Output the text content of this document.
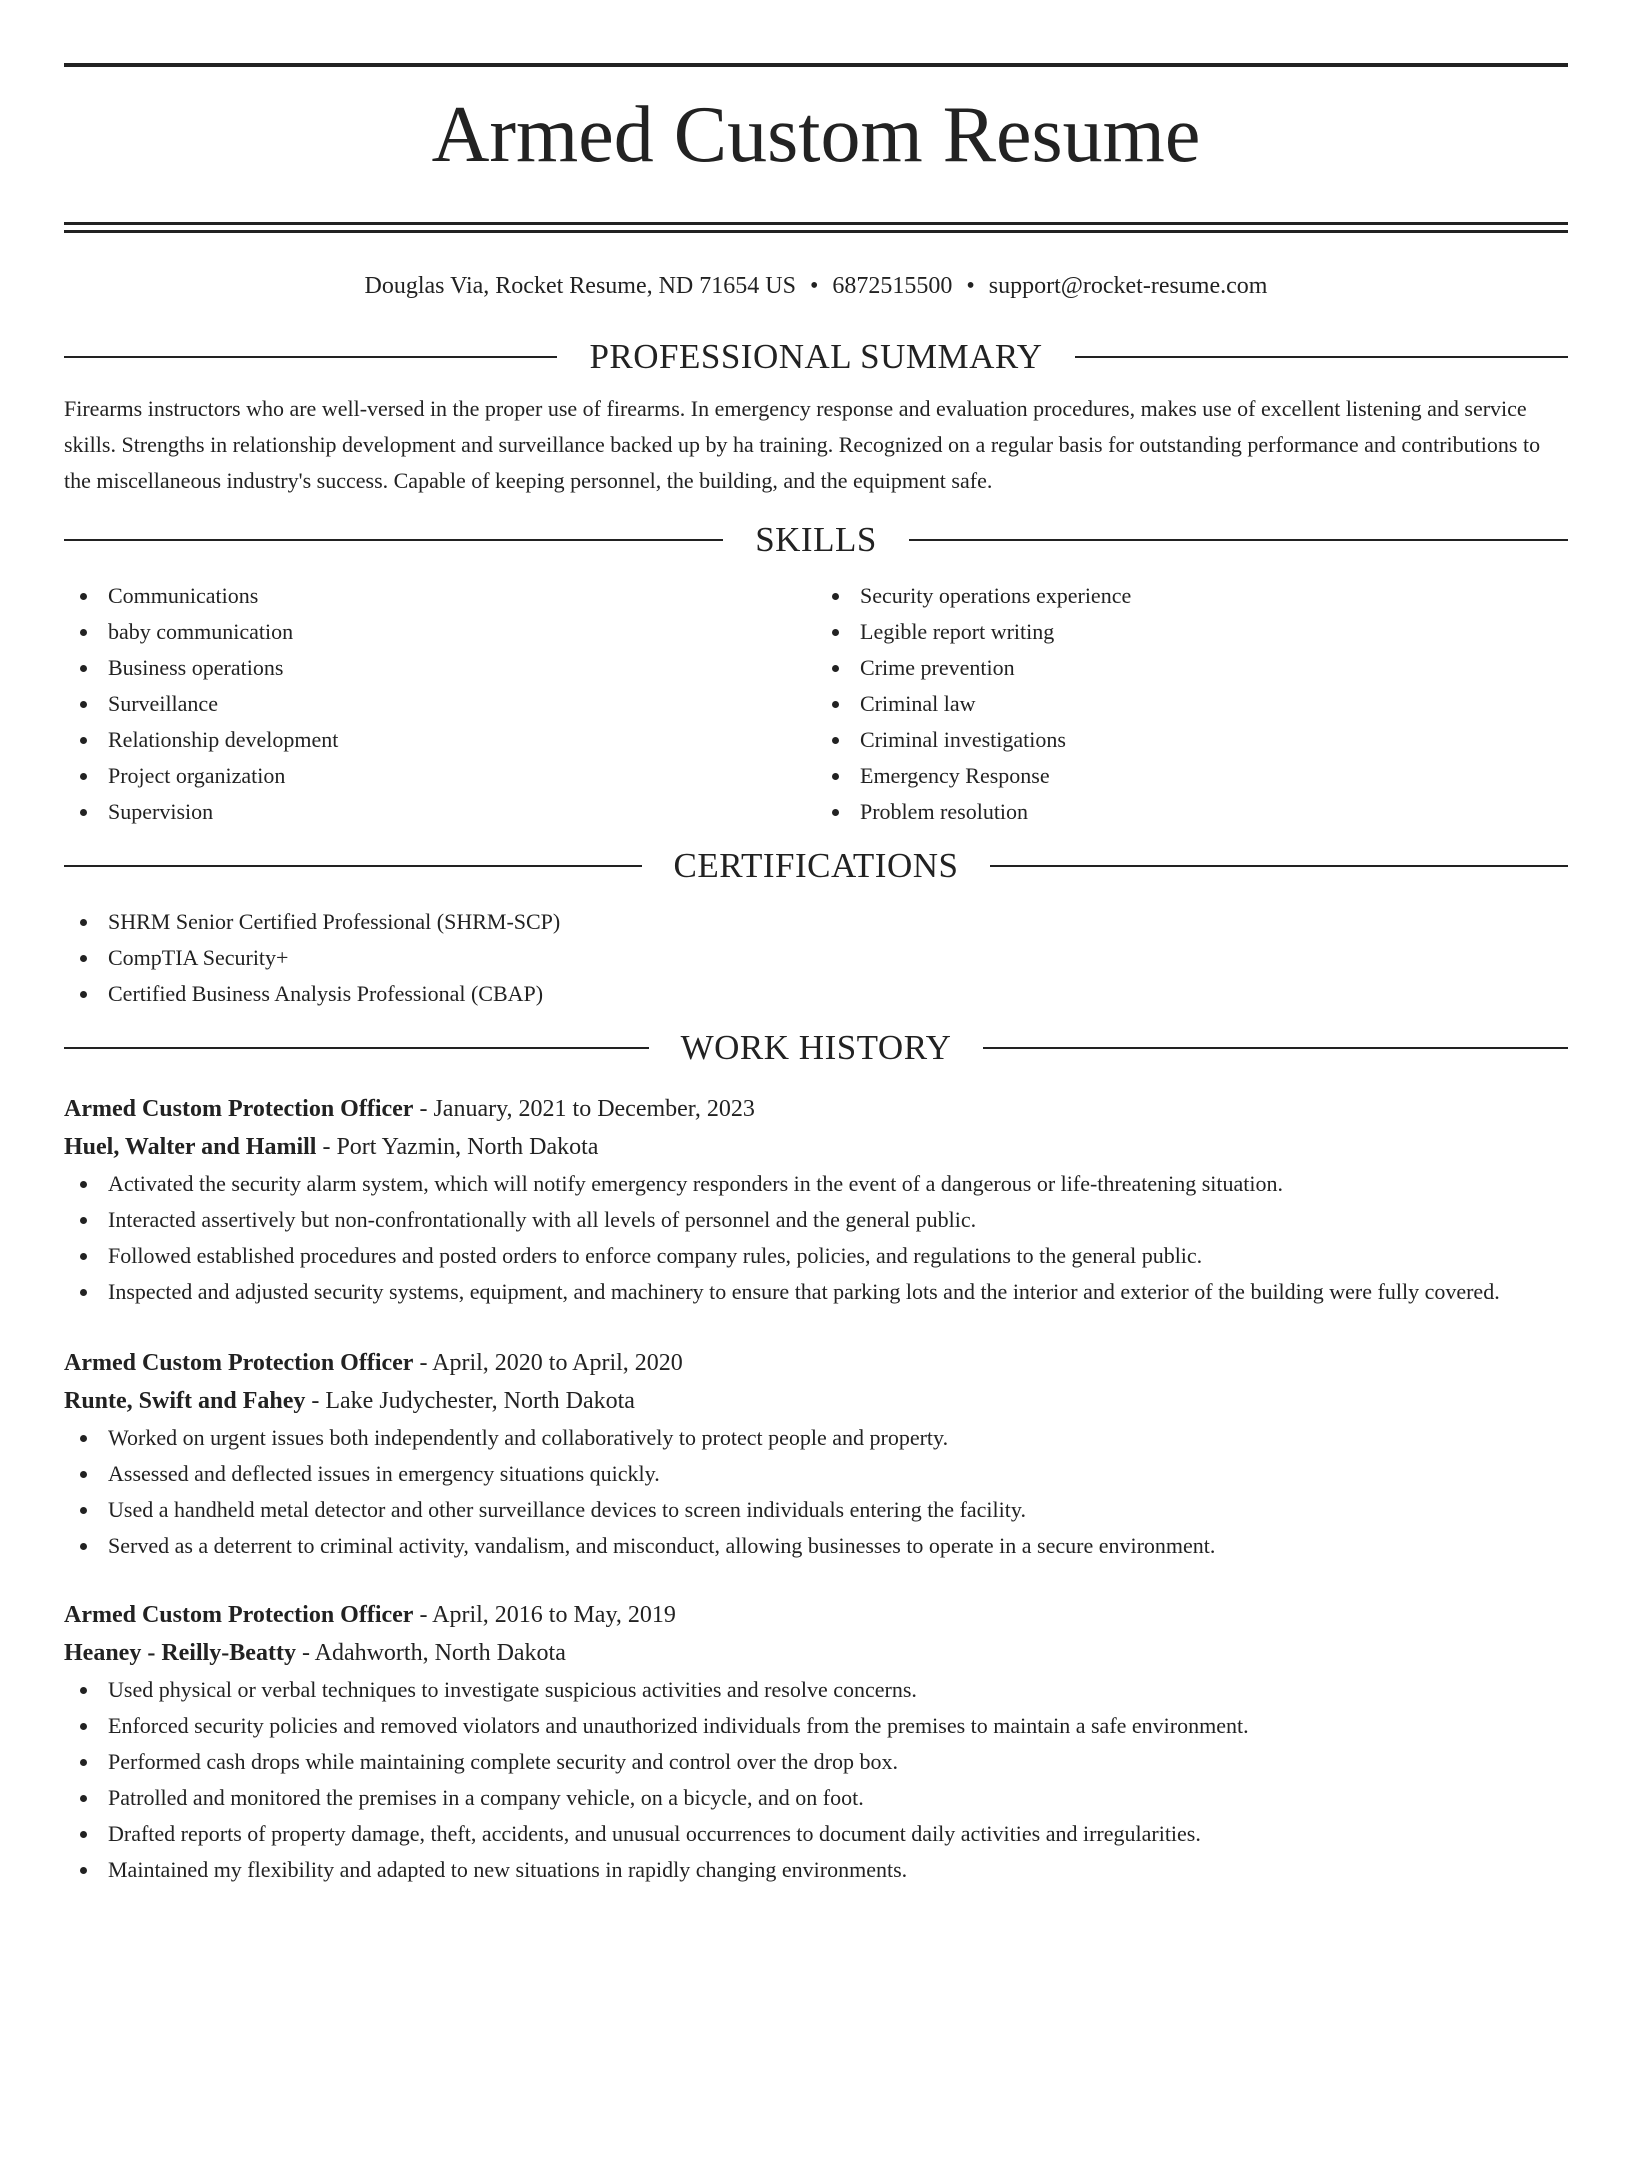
Armed Custom Resume
Douglas Via, Rocket Resume, ND 71654 US • 6872515500 • support@rocket-resume.com
PROFESSIONAL SUMMARY

Firearms instructors who are well-versed in the proper use of firearms. In emergency response and evaluation procedures, makes use of excellent listening and service skills. Strengths in relationship development and surveillance backed up by ha training. Recognized on a regular basis for outstanding performance and contributions to the miscellaneous industry's success. Capable of keeping personnel, the building, and the equipment safe.

SKILLS
Communications
baby communication
Business operations
Surveillance
Relationship development
Project organization
Supervision
Security operations experience
Legible report writing
Crime prevention
Criminal law
Criminal investigations
Emergency Response
Problem resolution
CERTIFICATIONS
SHRM Senior Certified Professional (SHRM-SCP)
CompTIA Security+
Certified Business Analysis Professional (CBAP)
WORK HISTORY
Armed Custom Protection Officer - January, 2021 to December, 2023
Huel, Walter and Hamill - Port Yazmin, North Dakota
Activated the security alarm system, which will notify emergency responders in the event of a dangerous or life-threatening situation.
Interacted assertively but non-confrontationally with all levels of personnel and the general public.
Followed established procedures and posted orders to enforce company rules, policies, and regulations to the general public.
Inspected and adjusted security systems, equipment, and machinery to ensure that parking lots and the interior and exterior of the building were fully covered.
Armed Custom Protection Officer - April, 2020 to April, 2020
Runte, Swift and Fahey - Lake Judychester, North Dakota
Worked on urgent issues both independently and collaboratively to protect people and property.
Assessed and deflected issues in emergency situations quickly.
Used a handheld metal detector and other surveillance devices to screen individuals entering the facility.
Served as a deterrent to criminal activity, vandalism, and misconduct, allowing businesses to operate in a secure environment.
Armed Custom Protection Officer - April, 2016 to May, 2019
Heaney - Reilly-Beatty - Adahworth, North Dakota
Used physical or verbal techniques to investigate suspicious activities and resolve concerns.
Enforced security policies and removed violators and unauthorized individuals from the premises to maintain a safe environment.
Performed cash drops while maintaining complete security and control over the drop box.
Patrolled and monitored the premises in a company vehicle, on a bicycle, and on foot.
Drafted reports of property damage, theft, accidents, and unusual occurrences to document daily activities and irregularities.
Maintained my flexibility and adapted to new situations in rapidly changing environments.
